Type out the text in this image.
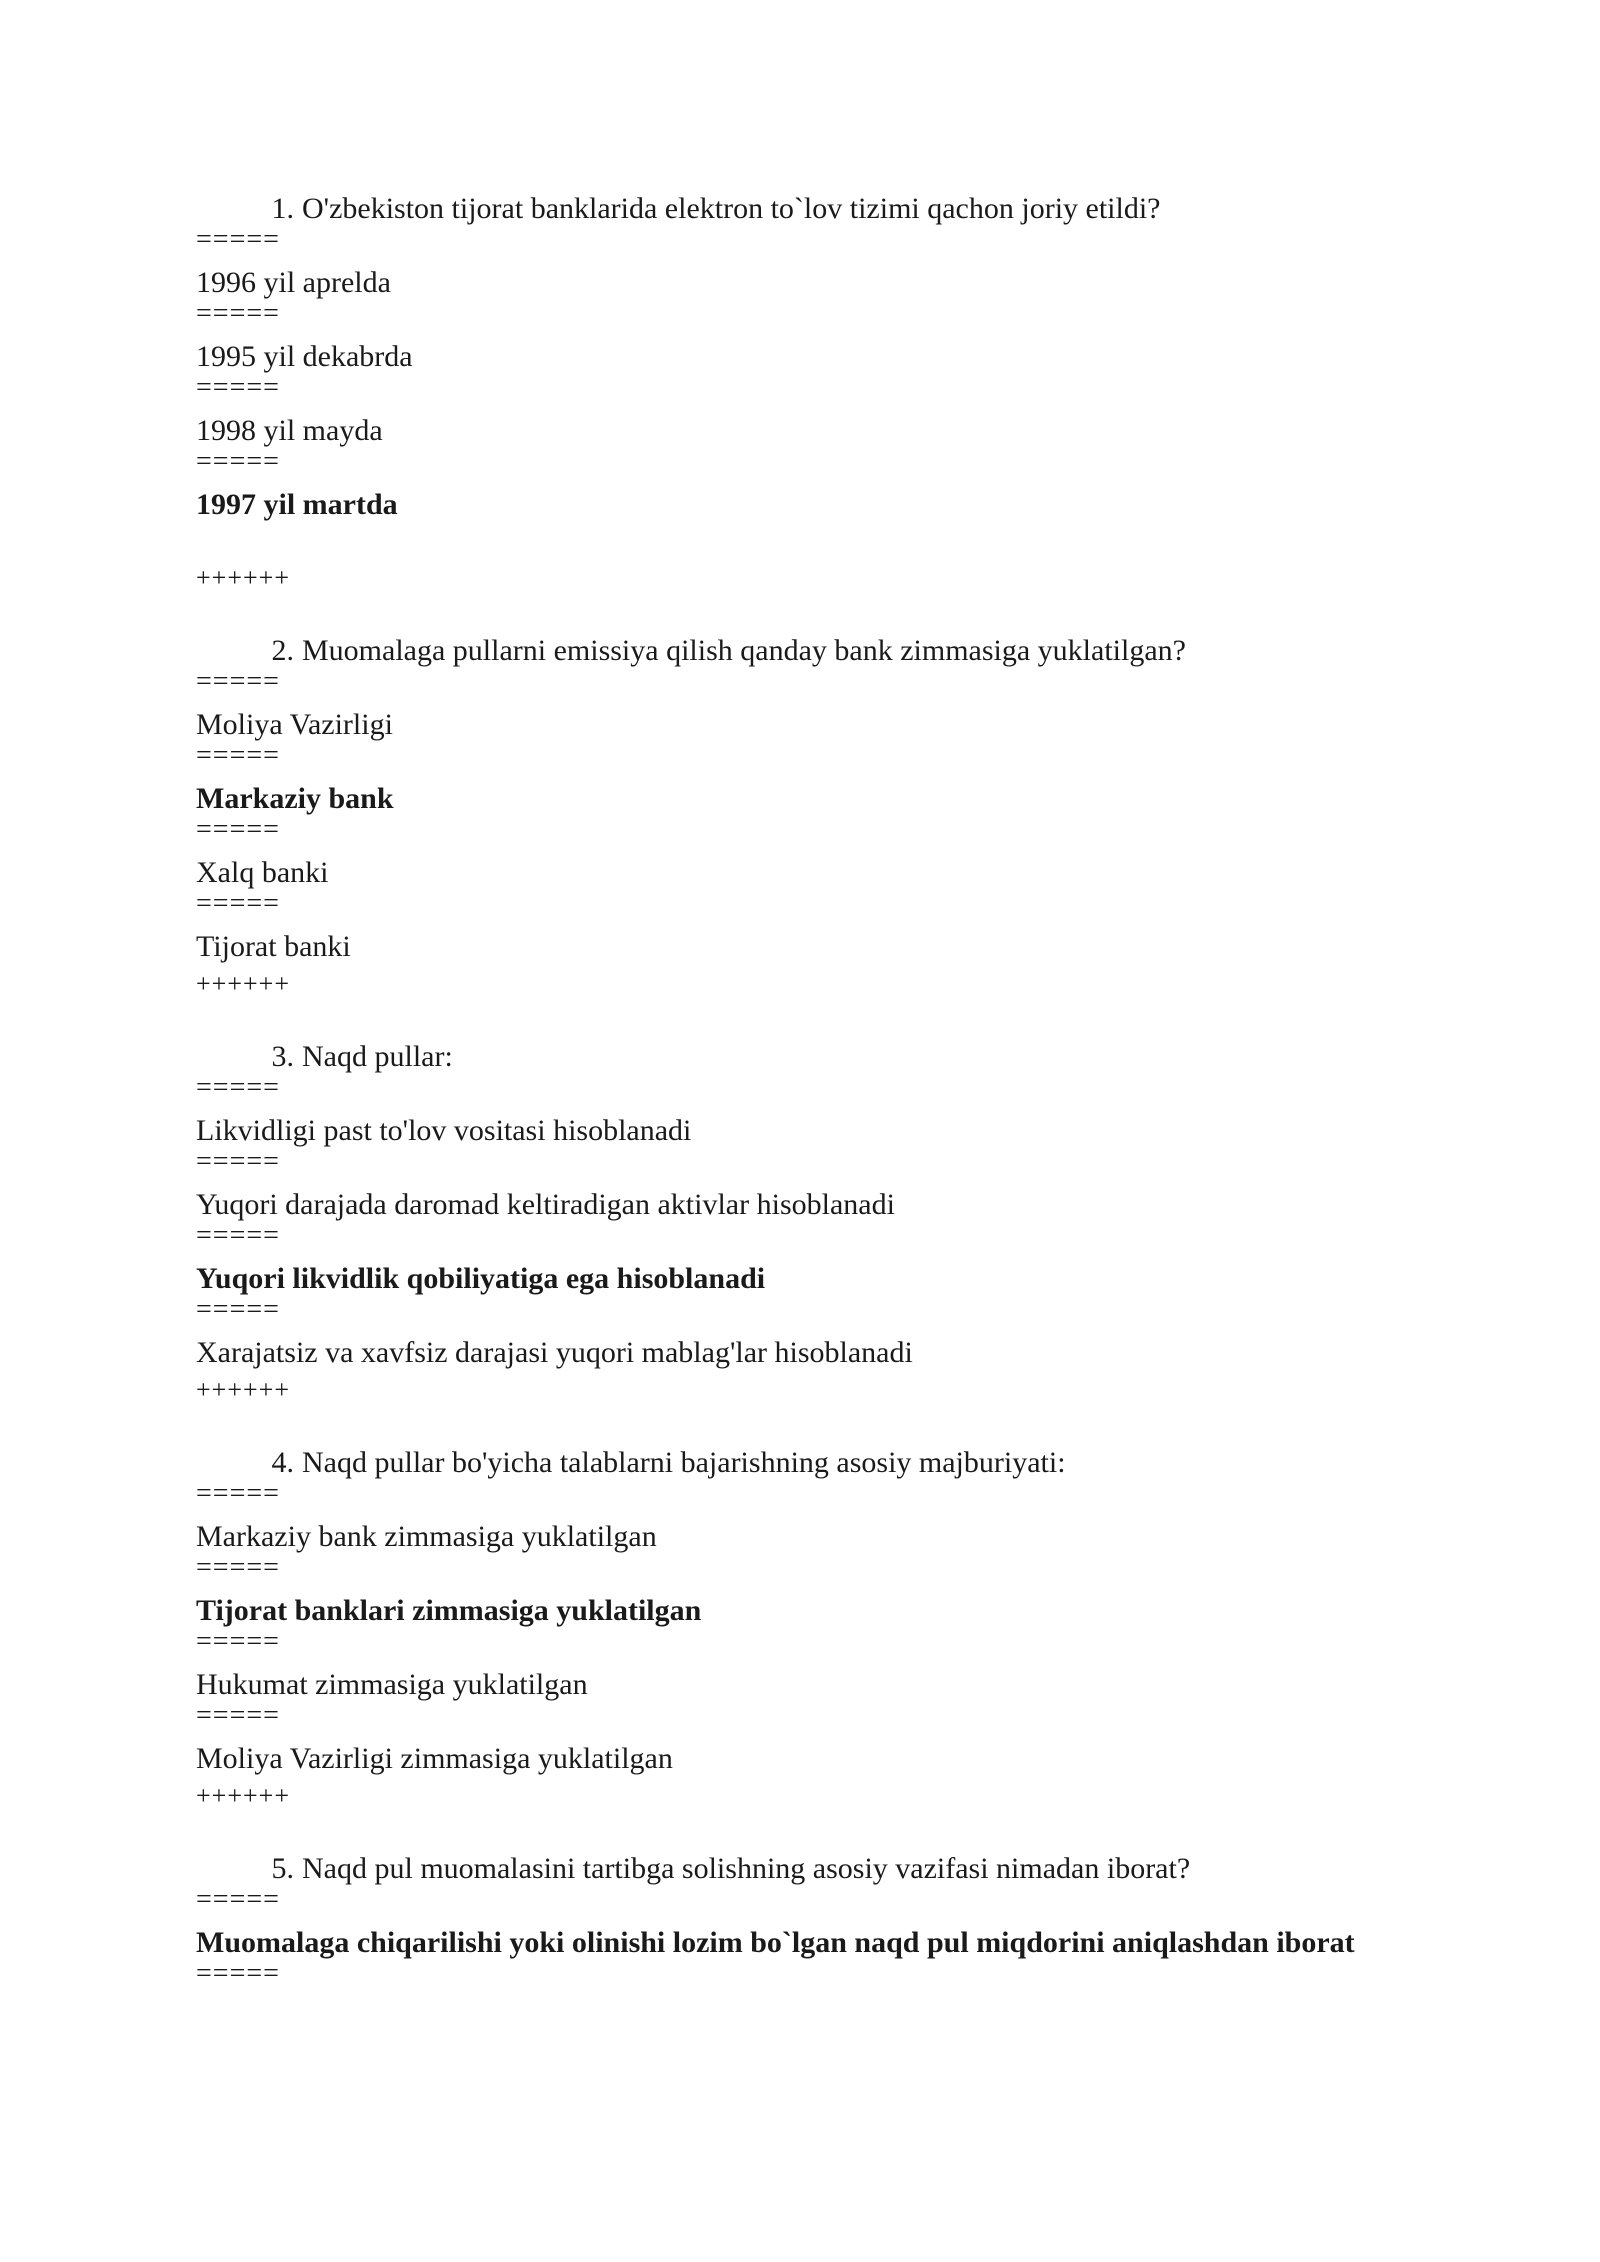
1. O'zbekiston tijorat banklarida elektron to`lov tizimi qachon joriy etildi?
=====
1996 yil aprelda
=====
1995 yil dekabrda
=====
1998 yil mayda
=====
1997 yil martda
++++++
2. Muomalaga pullarni emissiya qilish qanday bank zimmasiga yuklatilgan?
=====
Moliya Vazirligi
=====
Markaziy bank
=====
Xalq banki
=====
Tijorat banki
++++++
3. Naqd pullar:
=====
Likvidligi past to'lov vositasi hisoblanadi
=====
Yuqori darajada daromad keltiradigan aktivlar hisoblanadi
=====
Yuqori likvidlik qobiliyatiga ega hisoblanadi
=====
Xarajatsiz va xavfsiz darajasi yuqori mablag'lar hisoblanadi
++++++
4. Naqd pullar bo'yicha talablarni bajarishning asosiy majburiyati:
=====
Markaziy bank zimmasiga yuklatilgan
=====
Tijorat banklari zimmasiga yuklatilgan
=====
Hukumat zimmasiga yuklatilgan
=====
Moliya Vazirligi zimmasiga yuklatilgan
++++++
5. Naqd pul muomalasini tartibga solishning asosiy vazifasi nimadan iborat?
=====
Muomalaga chiqarilishi yoki olinishi lozim bo`lgan naqd pul miqdorini aniqlashdan iborat
=====
